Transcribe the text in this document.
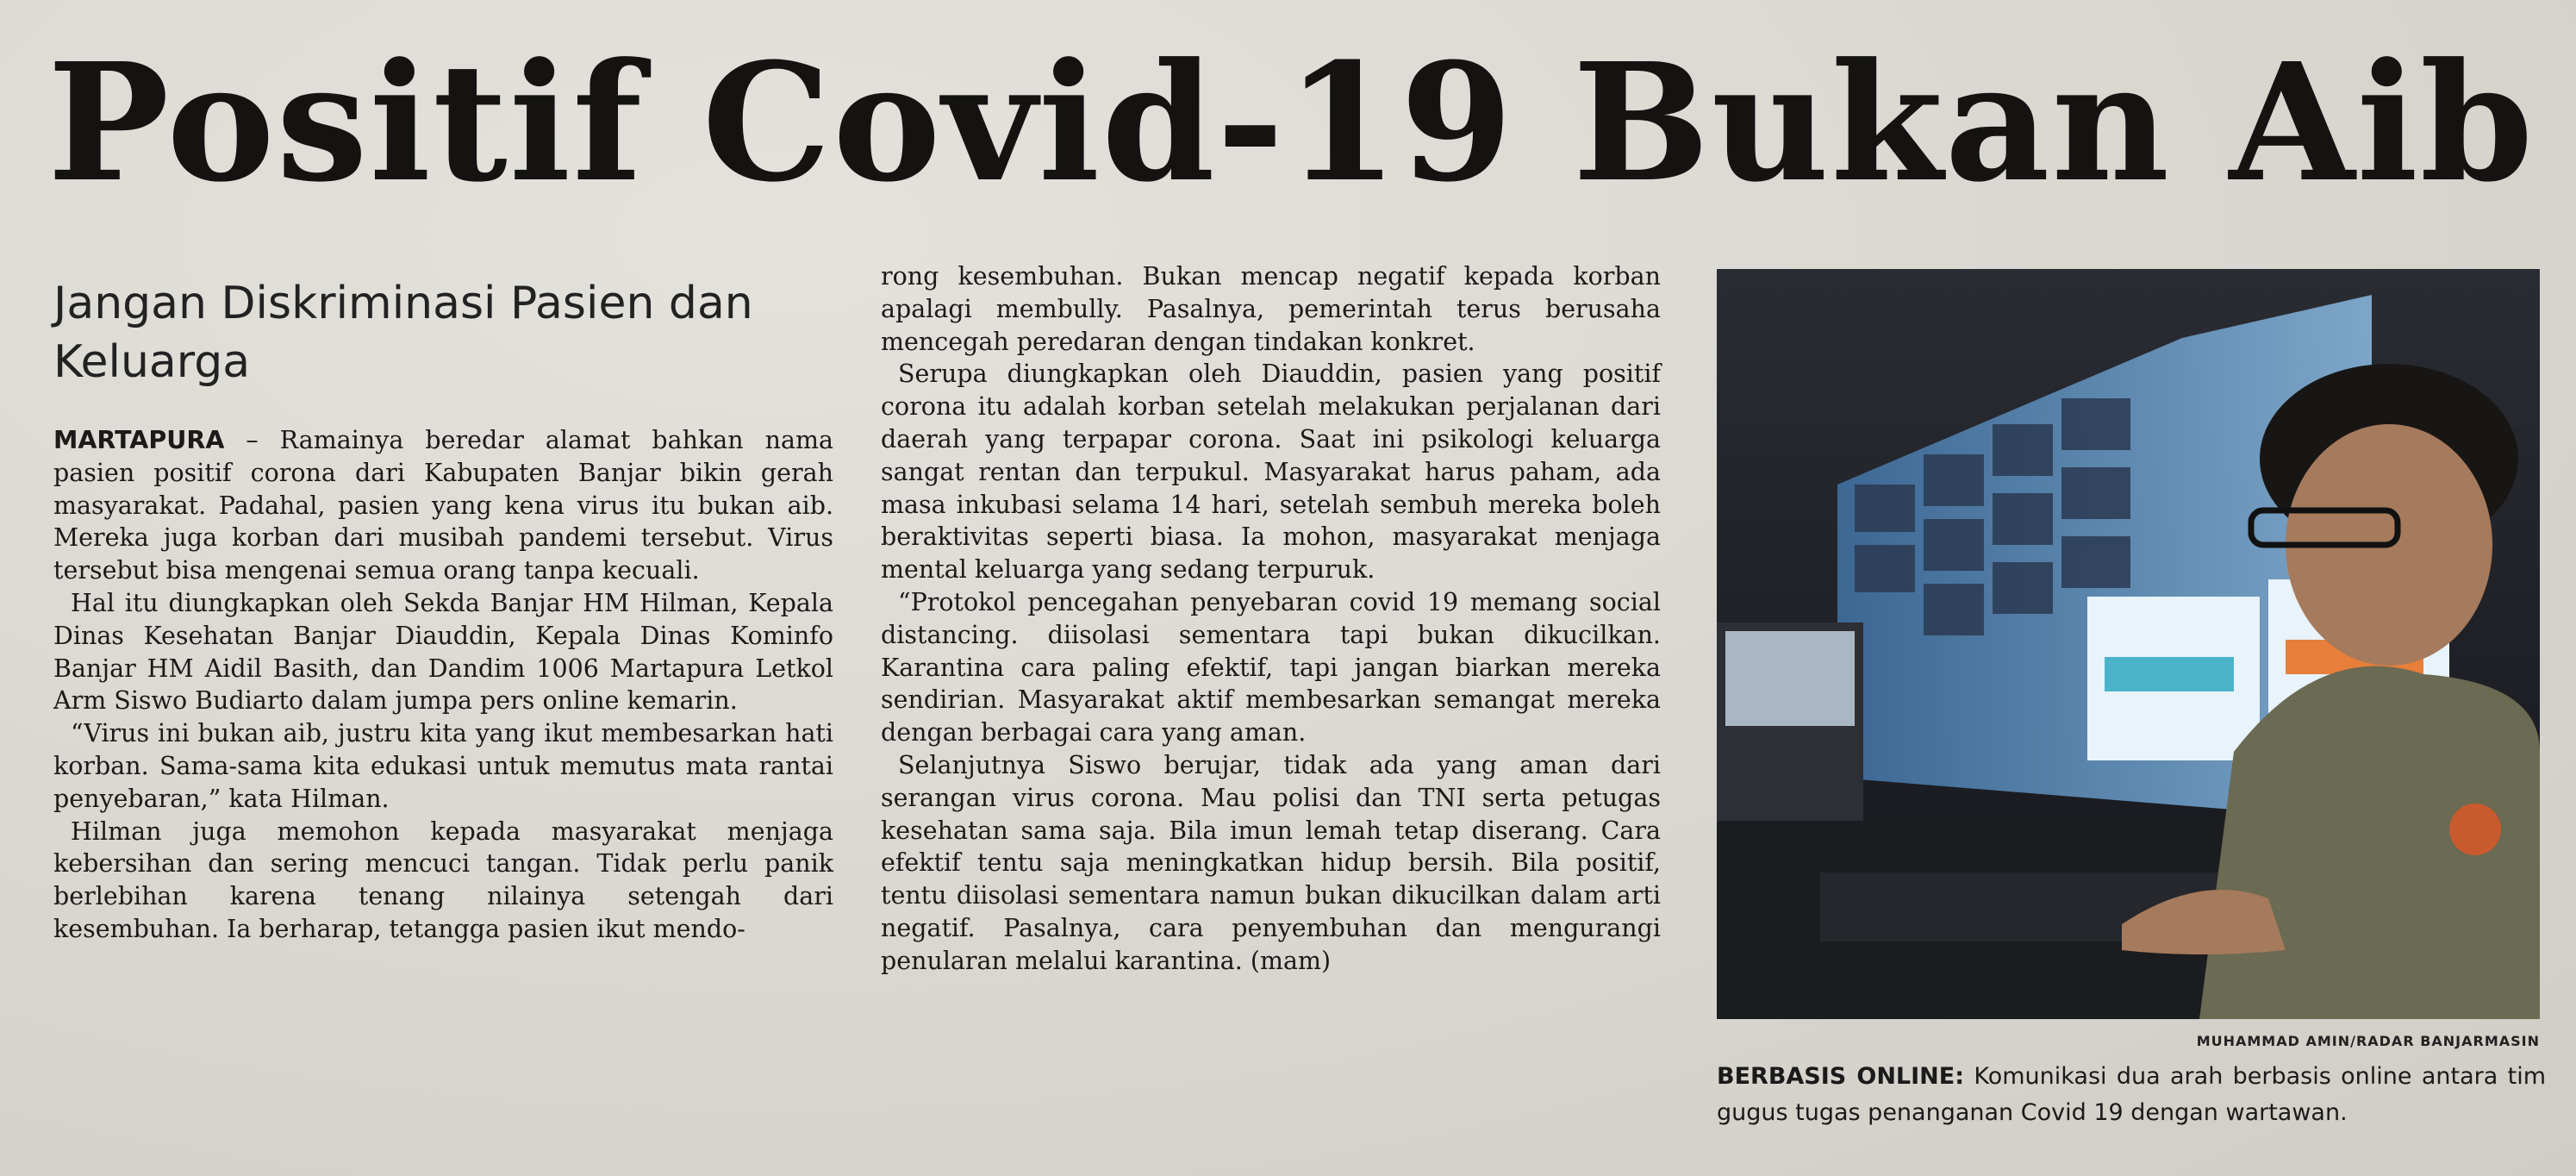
Positif Covid-19 Bukan Aib
Jangan Diskriminasi Pasien dan Keluarga

MARTAPURA – Ramainya beredar alamat bahkan nama pasien positif corona dari Kabupaten Banjar bikin gerah masyarakat. Padahal, pasien yang kena virus itu bukan aib. Mereka juga korban dari musibah pandemi tersebut. Virus tersebut bisa mengenai semua orang tanpa kecuali.

Hal itu diungkapkan oleh Sekda Banjar HM Hilman, Kepala Dinas Kesehatan Banjar Diauddin, Kepala Dinas Kominfo Banjar HM Aidil Basith, dan Dandim 1006 Martapura Letkol Arm Siswo Budiarto dalam jumpa pers online kemarin.

“Virus ini bukan aib, justru kita yang ikut membesarkan hati korban. Sama-sama kita edukasi untuk memutus mata rantai penyebaran,” kata Hilman.

Hilman juga memohon kepada masyarakat menjaga kebersihan dan sering mencuci tangan. Tidak perlu panik berlebihan karena tenang nilainya setengah dari kesembuhan. Ia berharap, tetangga pasien ikut mendo-

rong kesembuhan. Bukan mencap negatif kepada korban apalagi membully. Pasalnya, pemerintah terus berusaha mencegah peredaran dengan tindakan konkret.

Serupa diungkapkan oleh Diauddin, pasien yang positif corona itu adalah korban setelah melakukan perjalanan dari daerah yang terpapar corona. Saat ini psikologi keluarga sangat rentan dan terpukul. Masyarakat harus paham, ada masa inkubasi selama 14 hari, setelah sembuh mereka boleh beraktivitas seperti biasa. Ia mohon, masyarakat menjaga mental keluarga yang sedang terpuruk.

“Protokol pencegahan penyebaran covid 19 memang social distancing. diisolasi sementara tapi bukan dikucilkan. Karantina cara paling efektif, tapi jangan biarkan mereka sendirian. Masyarakat aktif membesarkan semangat mereka dengan berbagai cara yang aman.

Selanjutnya Siswo berujar, tidak ada yang aman dari serangan virus corona. Mau polisi dan TNI serta petugas kesehatan sama saja. Bila imun lemah tetap diserang. Cara efektif tentu saja meningkatkan hidup bersih. Bila positif, tentu diisolasi sementara namun bukan dikucilkan dalam arti negatif. Pasalnya, cara penyembuhan dan mengurangi penularan melalui karantina. (mam)

MUHAMMAD AMIN/RADAR BANJARMASIN
BERBASIS ONLINE: Komunikasi dua arah berbasis online antara tim gugus tugas penanganan Covid 19 dengan wartawan.
